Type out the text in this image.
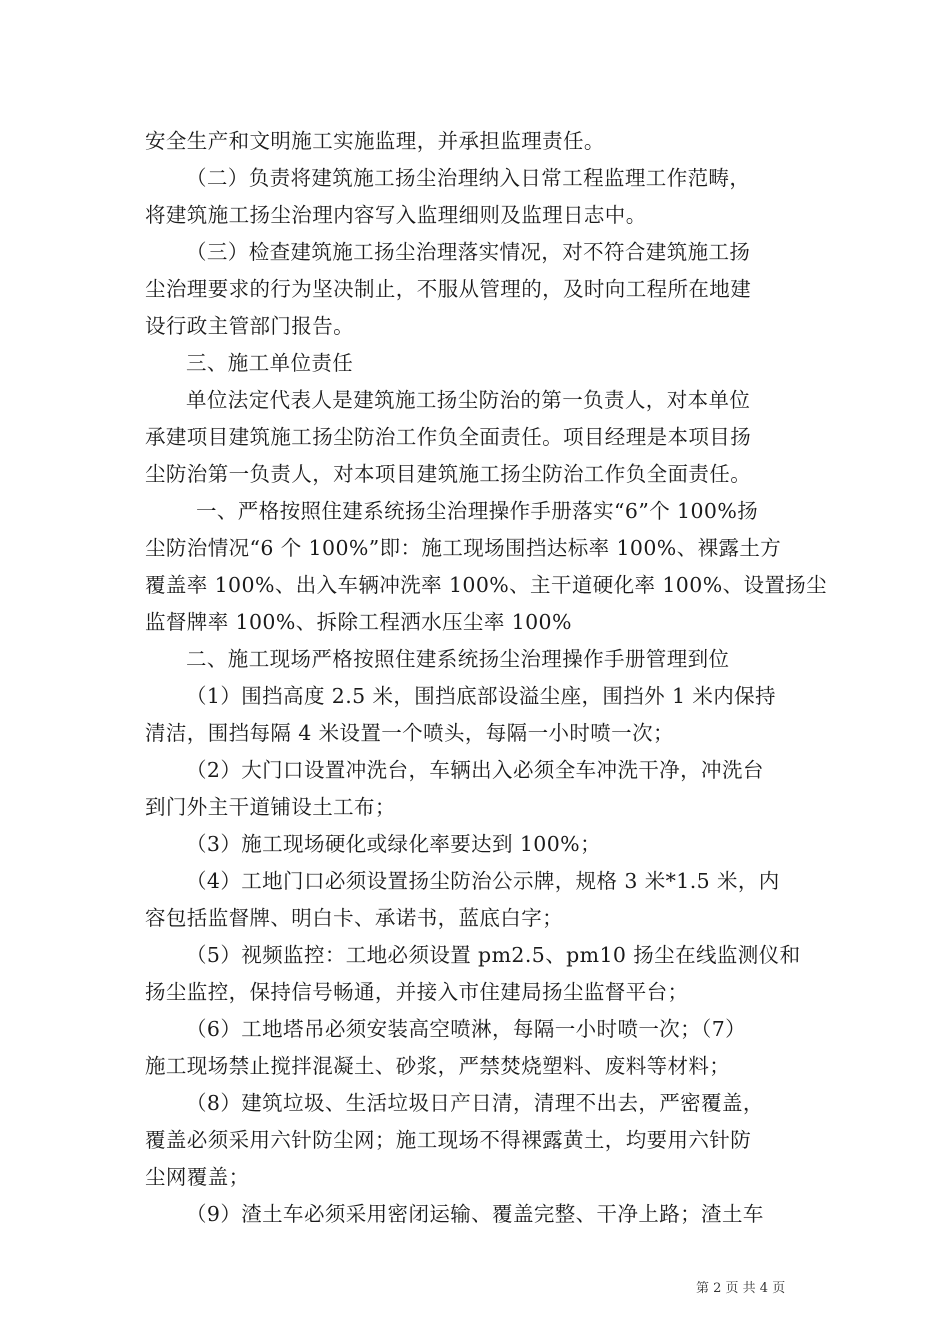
安全生产和文明施工实施监理，并承担监理责任。
（二）负责将建筑施工扬尘治理纳入日常工程监理工作范畴，
将建筑施工扬尘治理内容写入监理细则及监理日志中。
（三）检查建筑施工扬尘治理落实情况，对不符合建筑施工扬
尘治理要求的行为坚决制止，不服从管理的，及时向工程所在地建
设行政主管部门报告。
三、施工单位责任
单位法定代表人是建筑施工扬尘防治的第一负责人，对本单位
承建项目建筑施工扬尘防治工作负全面责任。项目经理是本项目扬
尘防治第一负责人，对本项目建筑施工扬尘防治工作负全面责任。
一、严格按照住建系统扬尘治理操作手册落实“6”个 100%扬
尘防治情况“6 个 100%”即：施工现场围挡达标率 100%、裸露土方
覆盖率 100%、出入车辆冲洗率 100%、主干道硬化率 100%、设置扬尘
监督牌率 100%、拆除工程洒水压尘率 100%
二、施工现场严格按照住建系统扬尘治理操作手册管理到位
（1）围挡高度 2.5 米，围挡底部设溢尘座，围挡外 1 米内保持
清洁，围挡每隔 4 米设置一个喷头，每隔一小时喷一次；
（2）大门口设置冲洗台，车辆出入必须全车冲洗干净，冲洗台
到门外主干道铺设土工布；
（3）施工现场硬化或绿化率要达到 100%；
（4）工地门口必须设置扬尘防治公示牌，规格 3 米*1.5 米，内
容包括监督牌、明白卡、承诺书，蓝底白字；
（5）视频监控：工地必须设置 pm2.5、pm10 扬尘在线监测仪和
扬尘监控，保持信号畅通，并接入市住建局扬尘监督平台；
（6）工地塔吊必须安装高空喷淋，每隔一小时喷一次；（7）
施工现场禁止搅拌混凝土、砂浆，严禁焚烧塑料、废料等材料；
（8）建筑垃圾、生活垃圾日产日清，清理不出去，严密覆盖，
覆盖必须采用六针防尘网；施工现场不得裸露黄土，均要用六针防
尘网覆盖；
（9）渣土车必须采用密闭运输、覆盖完整、干净上路；渣土车
第 2 页 共 4 页
